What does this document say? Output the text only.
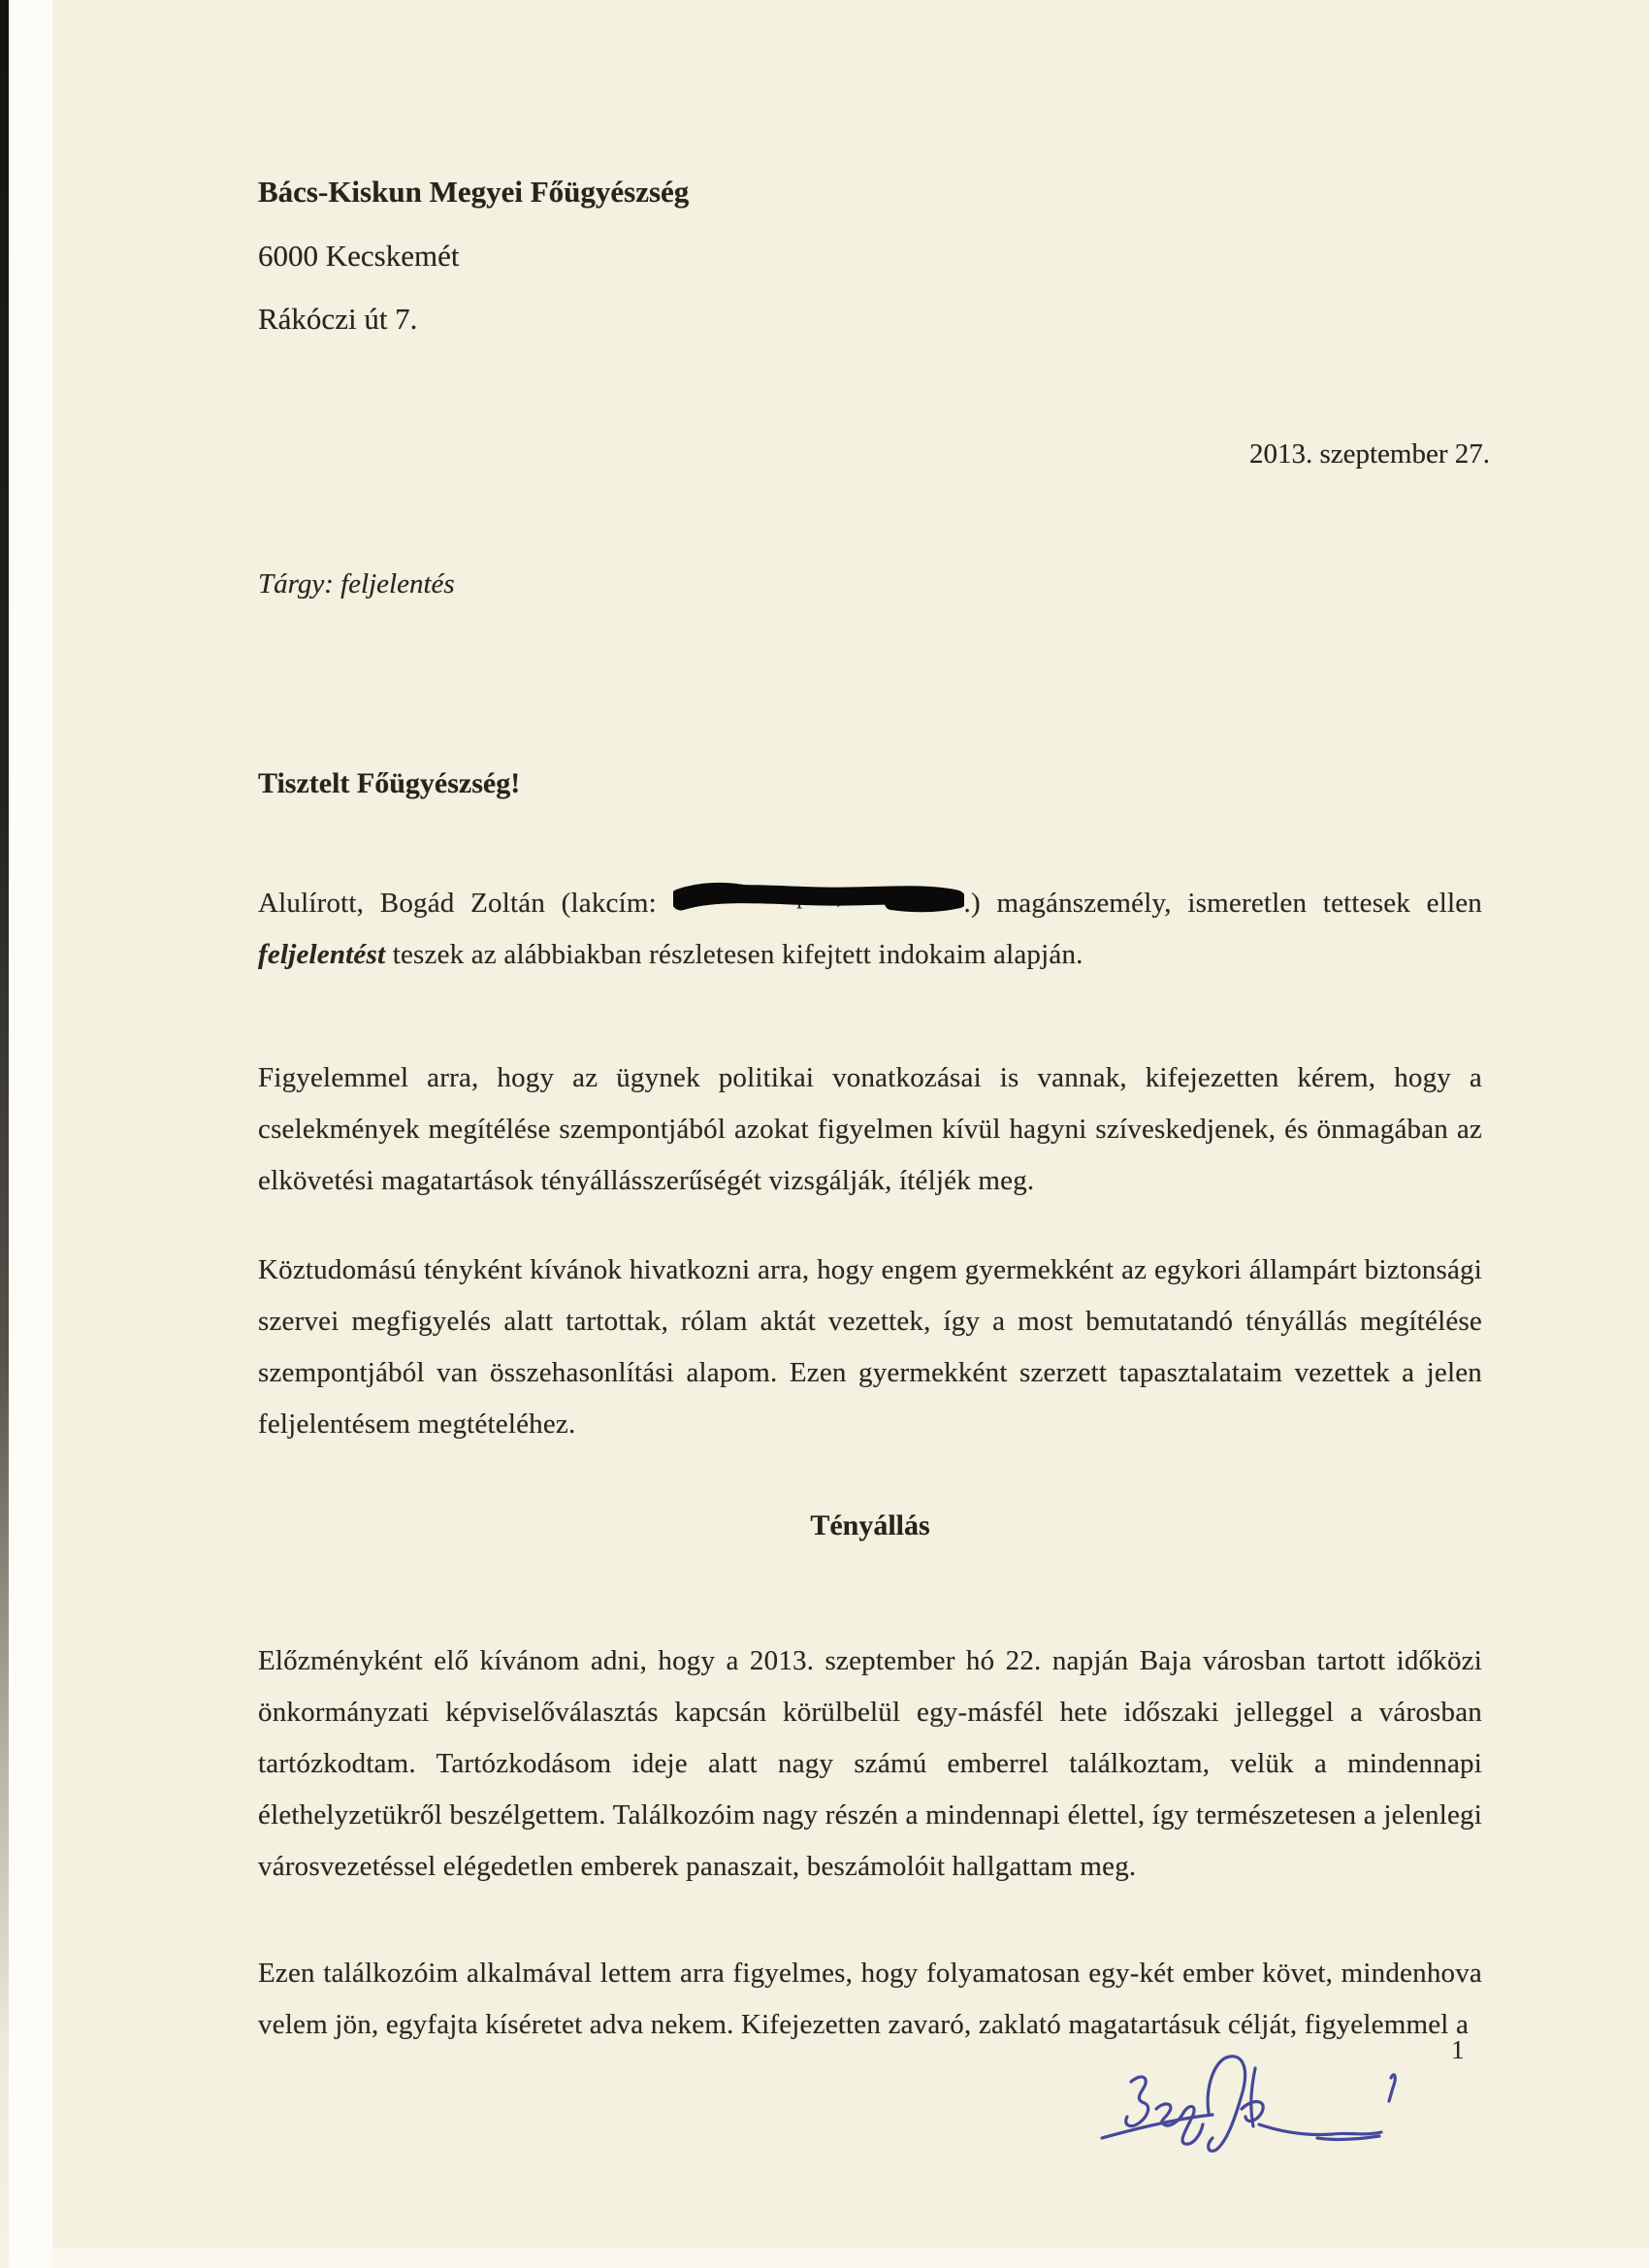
Bács-Kiskun Megyei Főügyészség
6000 Kecskemét
Rákóczi út 7.
2013. szeptember 27.
Tárgy: feljelentés
Tisztelt Főügyészség!
Alulírott, Bogád Zoltán (lakcím:	Budapest,	.) magánszemély, ismeretlen tettesek ellen feljelentést teszek az alábbiakban részletesen kifejtett indokaim alapján.
Figyelemmel arra, hogy az ügynek politikai vonatkozásai is vannak, kifejezetten kérem, hogy a cselekmények megítélése szempontjából azokat figyelmen kívül hagyni szíveskedjenek, és önmagában az elkövetési magatartások tényállásszerűségét vizsgálják, ítéljék meg.
Köztudomású tényként kívánok hivatkozni arra, hogy engem gyermekként az egykori állampárt biztonsági szervei megfigyelés alatt tartottak, rólam aktát vezettek, így a most bemutatandó tényállás megítélése szempontjából van összehasonlítási alapom. Ezen gyermekként szerzett tapasztalataim vezettek a jelen feljelentésem megtételéhez.
Tényállás
Előzményként elő kívánom adni, hogy a 2013. szeptember hó 22. napján Baja városban tartott időközi önkormányzati képviselőválasztás kapcsán körülbelül egy-másfél hete időszaki jelleggel a városban tartózkodtam. Tartózkodásom ideje alatt nagy számú emberrel találkoztam, velük a mindennapi élethelyzetükről beszélgettem. Találkozóim nagy részén a mindennapi élettel, így természetesen a jelenlegi városvezetéssel elégedetlen emberek panaszait, beszámolóit hallgattam meg.
Ezen találkozóim alkalmával lettem arra figyelmes, hogy folyamatosan egy-két ember követ, mindenhova velem jön, egyfajta kíséretet adva nekem. Kifejezetten zavaró, zaklató magatartásuk célját, figyelemmel a
1
